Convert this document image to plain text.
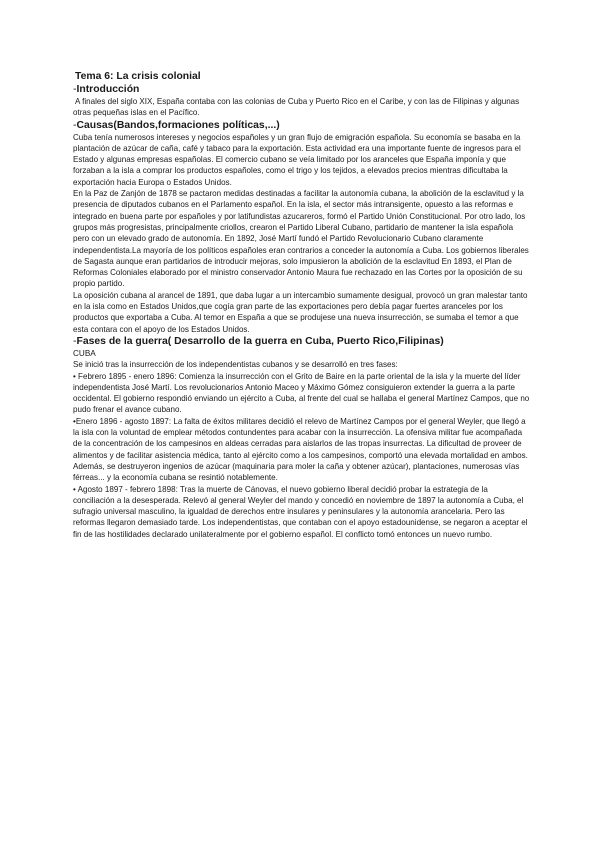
Tema 6: La crisis colonial
-Introducción

A finales del siglo XIX, España contaba con las colonias de Cuba y Puerto Rico en el Caribe, y con las de Filipinas y algunas otras pequeñas islas en el Pacífico.

-Causas(Bandos,formaciones políticas,...)

Cuba tenía numerosos intereses y negocios españoles y un gran flujo de emigración española. Su economía se basaba en la plantación de azúcar de caña, café y tabaco para la exportación. Esta actividad era una importante fuente de ingresos para el Estado y algunas empresas españolas. El comercio cubano se veía limitado por los aranceles que España imponía y que forzaban a la isla a comprar los productos españoles, como el trigo y los tejidos, a elevados precios mientras dificultaba la exportación hacia Europa o Estados Unidos.

En la Paz de Zanjón de 1878 se pactaron medidas destinadas a facilitar la autonomía cubana, la abolición de la esclavitud y la presencia de diputados cubanos en el Parlamento español. En la isla, el sector más intransigente, opuesto a las reformas e integrado en buena parte por españoles y por latifundistas azucareros, formó el Partido Unión Constitucional. Por otro lado, los grupos más progresistas, principalmente criollos, crearon el Partido Liberal Cubano, partidario de mantener la isla española pero con un elevado grado de autonomía. En 1892, José Martí fundó el Partido Revolucionario Cubano claramente independentista.La mayoría de los políticos españoles eran contrarios a conceder la autonomía a Cuba. Los gobiernos liberales de Sagasta aunque eran partidarios de introducir mejoras, solo impusieron la abolición de la esclavitud En 1893, el Plan de Reformas Coloniales elaborado por el ministro conservador Antonio Maura fue rechazado en las Cortes por la oposición de su propio partido.

La oposición cubana al arancel de 1891, que daba lugar a un intercambio sumamente desigual, provocó un gran malestar tanto en la isla como en Estados Unidos,que cogía gran parte de las exportaciones pero debía pagar fuertes aranceles por los productos que exportaba a Cuba. Al temor en España a que se produjese una nueva insurrección, se sumaba el temor a que esta contara con el apoyo de los Estados Unidos.

-Fases de la guerra( Desarrollo de la guerra en Cuba, Puerto Rico,Filipinas)
CUBA

Se inició tras la insurrección de los independentistas cubanos y se desarrolló en tres fases:

• Febrero 1895 - enero 1896: Comienza la insurrección con el Grito de Baire en la parte oriental de la isla y la muerte del líder independentista José Martí. Los revolucionarios Antonio Maceo y Máximo Gómez consiguieron extender la guerra a la parte occidental. El gobierno respondió enviando un ejército a Cuba, al frente del cual se hallaba el general Martínez Campos, que no pudo frenar el avance cubano.

•Enero 1896 - agosto 1897: La falta de éxitos militares decidió el relevo de Martínez Campos por el general Weyler, que llegó a la isla con la voluntad de emplear métodos contundentes para acabar con la insurrección. La ofensiva militar fue acompañada de la concentración de los campesinos en aldeas cerradas para aislarlos de las tropas insurrectas. La dificultad de proveer de alimentos y de facilitar asistencia médica, tanto al ejército como a los campesinos, comportó una elevada mortalidad en ambos. Además, se destruyeron ingenios de azúcar (maquinaria para moler la caña y obtener azúcar), plantaciones, numerosas vías férreas... y la economía cubana se resintió notablemente.

• Agosto 1897 - febrero 1898: Tras la muerte de Cánovas, el nuevo gobierno liberal decidió probar la estrategia de la conciliación a la desesperada. Relevó al general Weyler del mando y concedió en noviembre de 1897 la autonomía a Cuba, el sufragio universal masculino, la igualdad de derechos entre insulares y peninsulares y la autonomía arancelaria. Pero las reformas llegaron demasiado tarde. Los independentistas, que contaban con el apoyo estadounidense, se negaron a aceptar el fin de las hostilidades declarado unilateralmente por el gobierno español. El conflicto tomó entonces un nuevo rumbo.
